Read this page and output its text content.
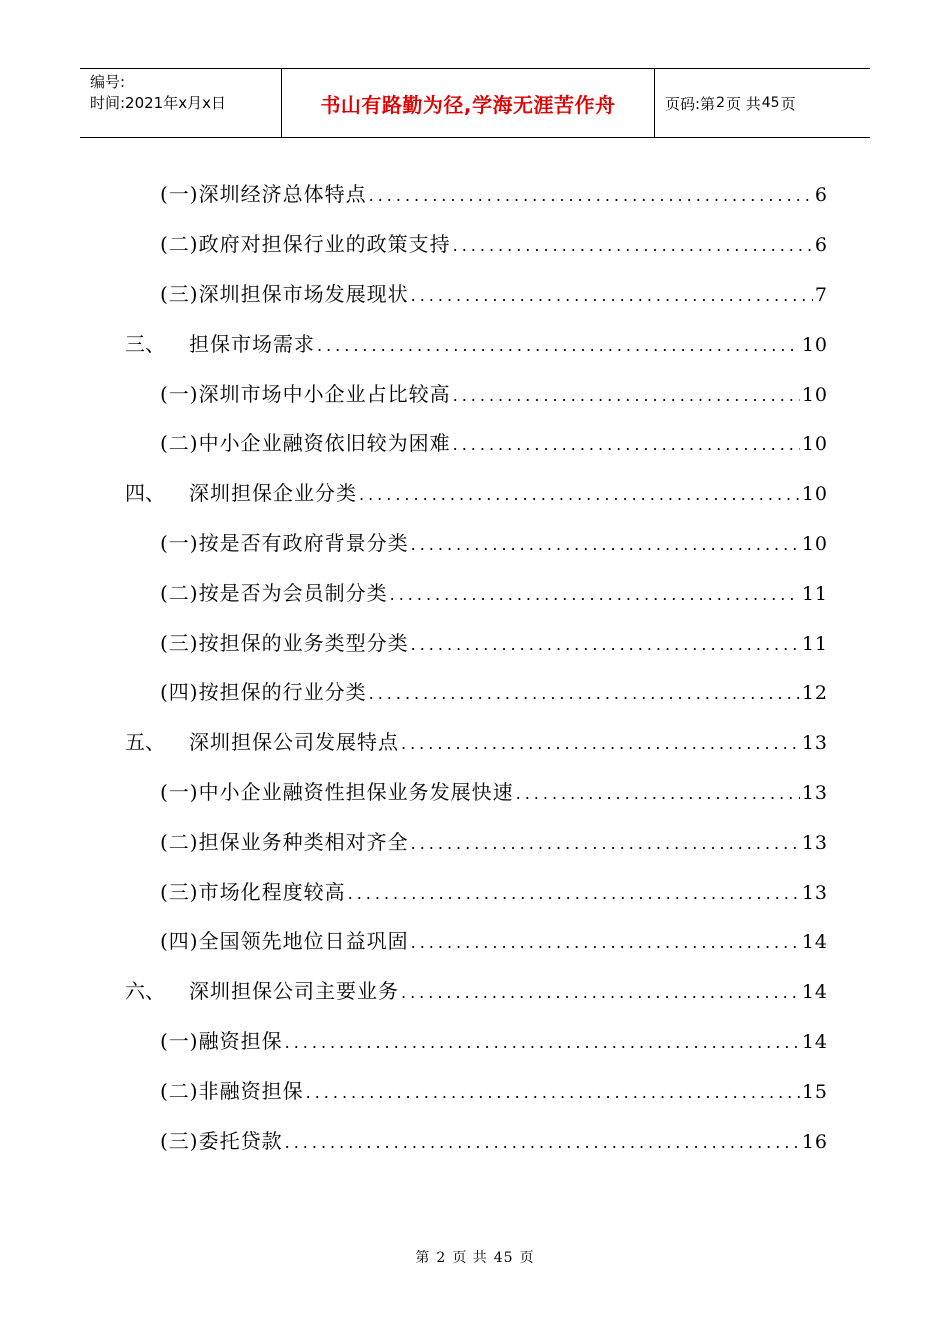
编号:
时间:2021年x月x日	书山有路勤为径,学海无涯苦作舟	页码:第 2 页 共 45 页
(一)深圳经济总体特点 .....	6
(二)政府对担保行业的政策支持 .....	6
(三)深圳担保市场发展现状 .....	7
三、	担保市场需求 .....	10
(一)深圳市场中小企业占比较高 .....	10
(二)中小企业融资依旧较为困难 .....	10
四、	深圳担保企业分类 .....	10
(一)按是否有政府背景分类 .....	10
(二)按是否为会员制分类 .....	11
(三)按担保的业务类型分类 .....	11
(四)按担保的行业分类 .....	12
五、	深圳担保公司发展特点 .....	13
(一)中小企业融资性担保业务发展快速 .....	13
(二)担保业务种类相对齐全 .....	13
(三)市场化程度较高 .....	13
(四)全国领先地位日益巩固 .....	14
六、	深圳担保公司主要业务 .....	14
(一)融资担保 .....	14
(二)非融资担保 .....	15
(三)委托贷款 .....	16
第 2 页 共 45 页
